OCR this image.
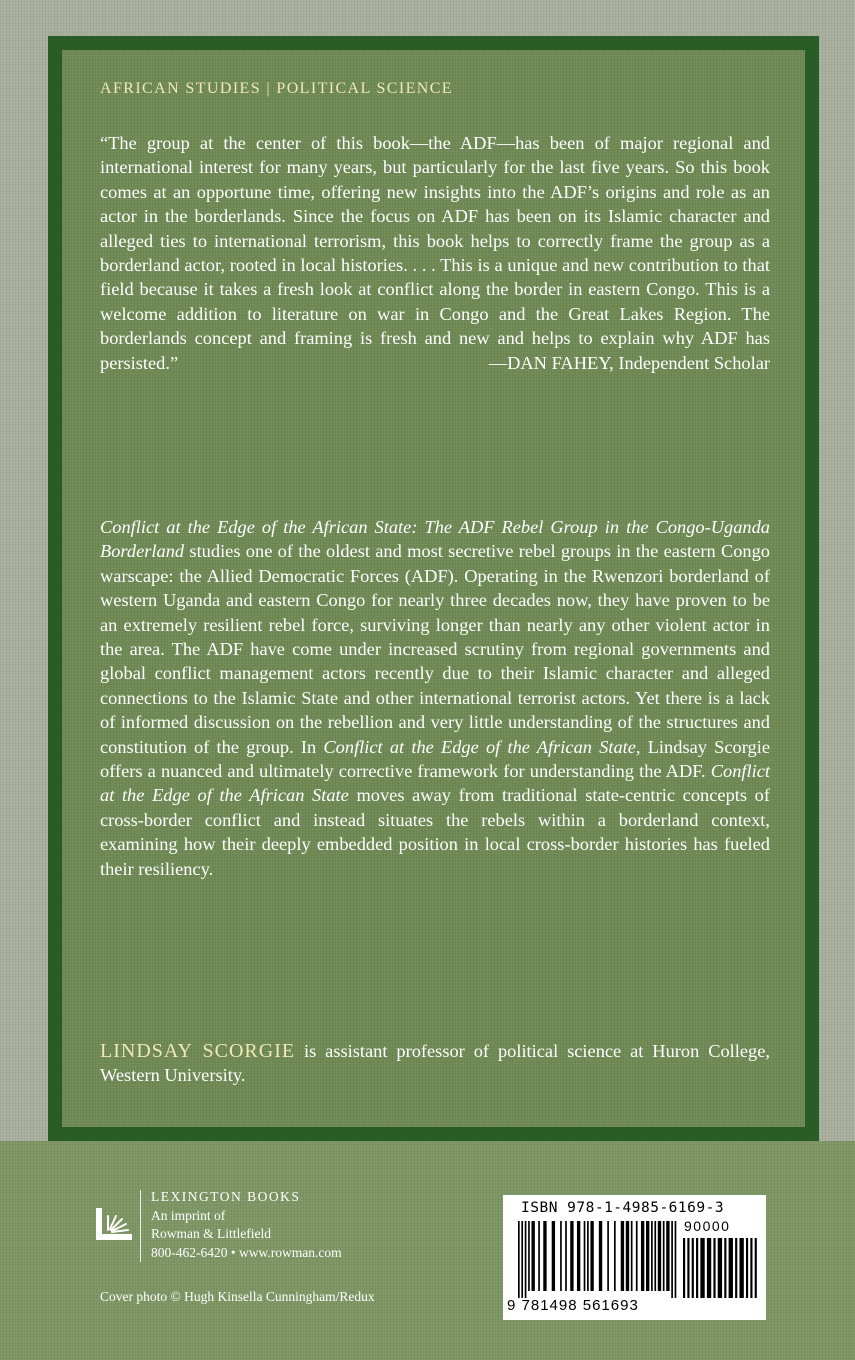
AFRICAN STUDIES | POLITICAL SCIENCE
“The group at the center of this book—the ADF—has been of major regional and international interest for many years, but particularly for the last five years. So this book comes at an opportune time, offering new insights into the ADF’s origins and role as an actor in the borderlands. Since the focus on ADF has been on its Islamic character and alleged ties to international terrorism, this book helps to correctly frame the group as a borderland actor, rooted in local histories. . . . This is a unique and new contribution to that field because it takes a fresh look at conflict along the border in eastern Congo. This is a welcome addition to literature on war in Congo and the Great Lakes Region. The borderlands concept and framing is fresh and new and helps to explain why ADF has persisted.”	—DAN FAHEY, Independent Scholar
Conflict at the Edge of the African State: The ADF Rebel Group in the Congo-Uganda Borderland studies one of the oldest and most secretive rebel groups in the eastern Congo warscape: the Allied Democratic Forces (ADF). Operating in the Rwenzori borderland of western Uganda and eastern Congo for nearly three decades now, they have proven to be an extremely resilient rebel force, surviving longer than nearly any other violent actor in the area. The ADF have come under increased scrutiny from regional governments and global conflict management actors recently due to their Islamic character and alleged connections to the Islamic State and other international terrorist actors. Yet there is a lack of informed discussion on the rebellion and very little understanding of the structures and constitution of the group. In Conflict at the Edge of the African State, Lindsay Scorgie offers a nuanced and ultimately corrective framework for understanding the ADF. Conflict at the Edge of the African State moves away from traditional state-centric concepts of cross-border conflict and instead situates the rebels within a borderland context, examining how their deeply embedded position in local cross-border histories has fueled their resiliency.
LINDSAY SCORGIE is assistant professor of political science at Huron College, Western University.
LEXINGTON BOOKS
An imprint of
Rowman & Littlefield
800-462-6420 • www.rowman.com
Cover photo © Hugh Kinsella Cunningham/Redux
ISBN 978-1-4985-6169-3
90000
9 781498 561693
